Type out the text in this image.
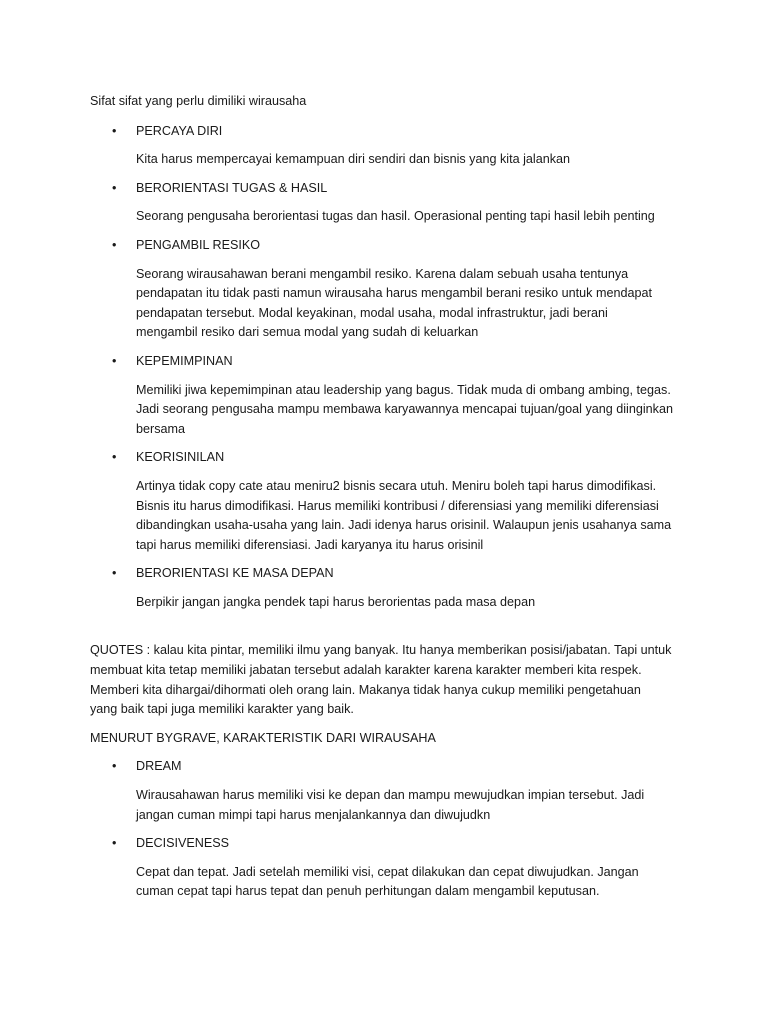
Sifat sifat yang perlu dimiliki wirausaha

• PERCAYA DIRI

Kita harus mempercayai kemampuan diri sendiri dan bisnis yang kita jalankan

• BERORIENTASI TUGAS & HASIL

Seorang pengusaha berorientasi tugas dan hasil. Operasional penting tapi hasil lebih penting

• PENGAMBIL RESIKO

Seorang wirausahawan berani mengambil resiko. Karena dalam sebuah usaha tentunya
pendapatan itu tidak pasti namun wirausaha harus mengambil berani resiko untuk mendapat
pendapatan tersebut. Modal keyakinan, modal usaha, modal infrastruktur, jadi berani
mengambil resiko dari semua modal yang sudah di keluarkan

• KEPEMIMPINAN

Memiliki jiwa kepemimpinan atau leadership yang bagus. Tidak muda di ombang ambing, tegas.
Jadi seorang pengusaha mampu membawa karyawannya mencapai tujuan/goal yang diinginkan
bersama

• KEORISINILAN

Artinya tidak copy cate atau meniru2 bisnis secara utuh. Meniru boleh tapi harus dimodifikasi.
Bisnis itu harus dimodifikasi. Harus memiliki kontribusi / diferensiasi yang memiliki diferensiasi
dibandingkan usaha-usaha yang lain. Jadi idenya harus orisinil. Walaupun jenis usahanya sama
tapi harus memiliki diferensiasi. Jadi karyanya itu harus orisinil

• BERORIENTASI KE MASA DEPAN

Berpikir jangan jangka pendek tapi harus berorientas pada masa depan

QUOTES : kalau kita pintar, memiliki ilmu yang banyak. Itu hanya memberikan posisi/jabatan. Tapi untuk
membuat kita tetap memiliki jabatan tersebut adalah karakter karena karakter memberi kita respek.
Memberi kita dihargai/dihormati oleh orang lain. Makanya tidak hanya cukup memiliki pengetahuan
yang baik tapi juga memiliki karakter yang baik.

MENURUT BYGRAVE, KARAKTERISTIK DARI WIRAUSAHA

• DREAM

Wirausahawan harus memiliki visi ke depan dan mampu mewujudkan impian tersebut. Jadi
jangan cuman mimpi tapi harus menjalankannya dan diwujudkn

• DECISIVENESS

Cepat dan tepat. Jadi setelah memiliki visi, cepat dilakukan dan cepat diwujudkan. Jangan
cuman cepat tapi harus tepat dan penuh perhitungan dalam mengambil keputusan.
